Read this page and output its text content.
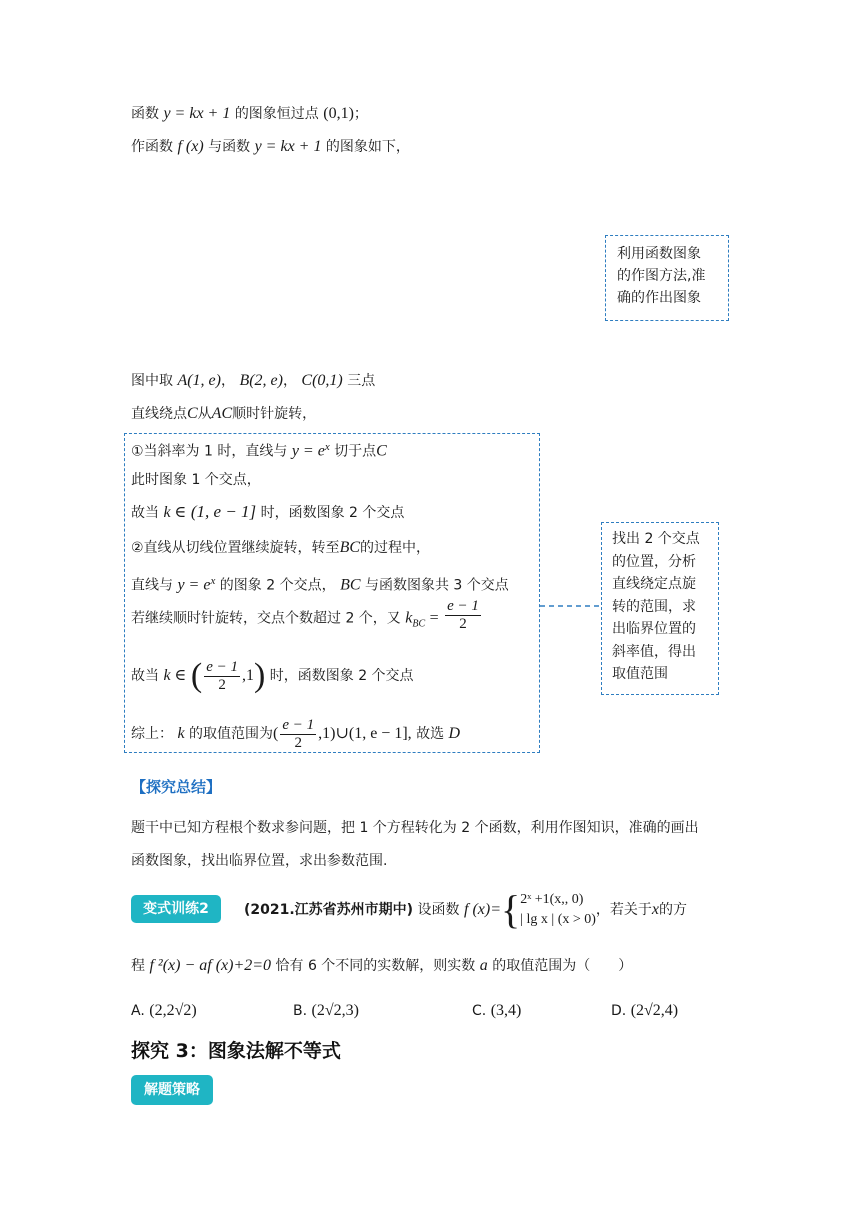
函数 y = kx + 1 的图象恒过点 (0,1)；
作函数 f (x) 与函数 y = kx + 1 的图象如下，
利用函数图象
的作图方法,准
确的作出图象
图中取 A(1, e)， B(2, e)， C(0,1) 三点
直线绕点C从AC顺时针旋转，
①当斜率为 1 时，直线与 $y = e^x$ 切于点C
此时图象 1 个交点，
故当 k ∈ (1, e − 1] 时，函数图象 2 个交点
②直线从切线位置继续旋转，转至BC的过程中，
直线与 $y = e^x$ 的图象 2 个交点， BC 与函数图象共 3 个交点
若继续顺时针旋转，交点个数超过 2 个，又 $k_{BC} = \frac{e - 1}{2}$
故当 k ∈ ( $\frac{e - 1}{2} ,1$) 时，函数图象 2 个交点
综上： k 的取值范围为( $\frac{e - 1}{2}$ ,1)∪(1, e − 1], 故选 D
找出 2 个交点
的位置，分析
直线绕定点旋
转的范围，求
出临界位置的
斜率值，得出
取值范围
【探究总结】
题干中已知方程根个数求参问题，把 1 个方程转化为 2 个函数，利用作图知识，准确的画出
函数图象，找出临界位置，求出参数范围.
变式训练2	(2021.江苏省苏州市期中) 设函数 f (x)={ 2ˣ +1(x,, 0)
| lg x | (x > 0)
，若关于x的方
程 f ²(x) − af (x)+2=0 恰有 6 个不同的实数解，则实数 a 的取值范围为（　　）
A. (2,2√2)	B. (2√2,3)	C. (3,4)	D. (2√2,4)
探究 3：图象法解不等式
解题策略
